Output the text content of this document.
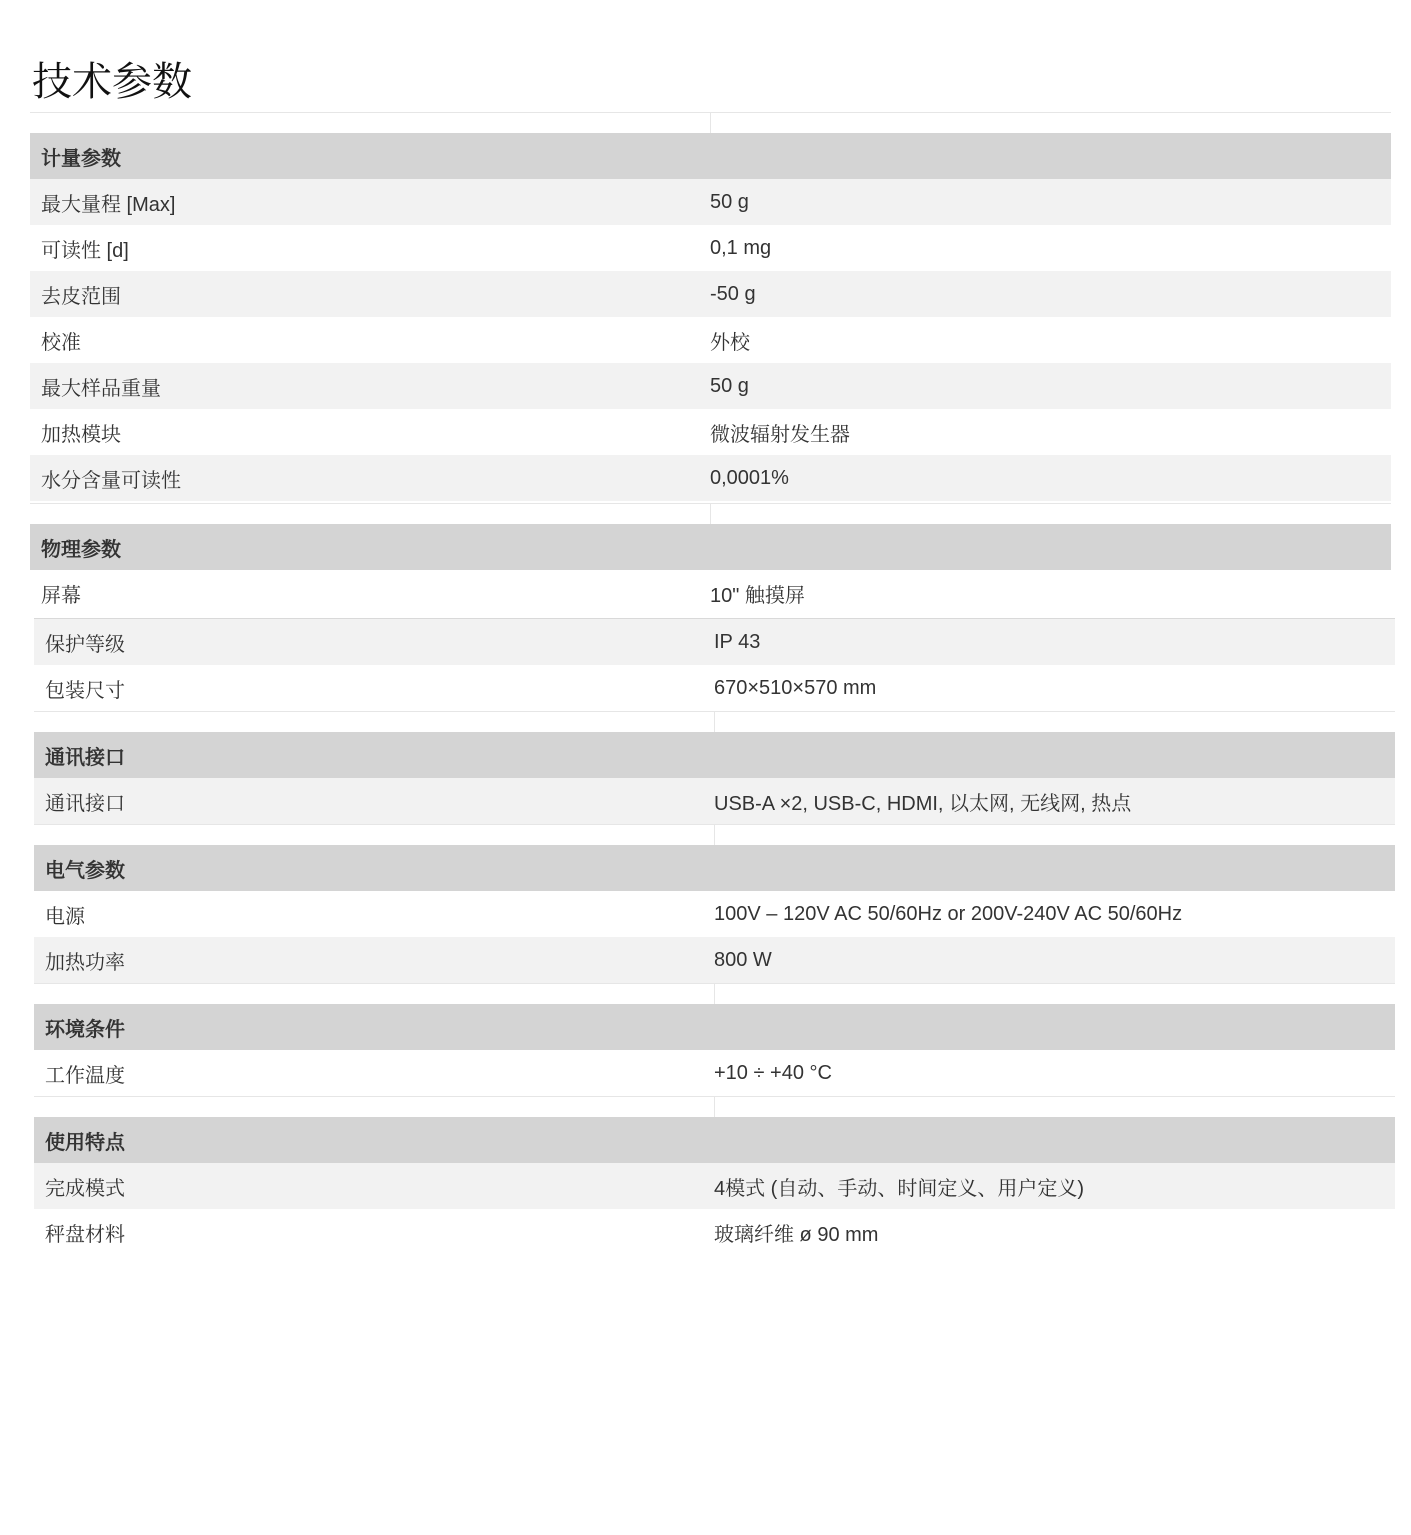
技术参数
计量参数
最大量程 [Max]	50 g
可读性 [d]	0,1 mg
去皮范围	-50 g
校准	外校
最大样品重量	50 g
加热模块	微波辐射发生器
水分含量可读性	0,0001%
物理参数
屏幕	10" 触摸屏
保护等级	IP 43
包装尺寸	670×510×570 mm
通讯接口
通讯接口	USB-A ×2, USB-C, HDMI, 以太网, 无线网, 热点
电气参数
电源	100V – 120V AC 50/60Hz or 200V-240V AC 50/60Hz
加热功率	800 W
环境条件
工作温度	+10 ÷ +40 °C
使用特点
完成模式	4模式 (自动、手动、时间定义、用户定义)
秤盘材料	玻璃纤维 ø 90 mm
